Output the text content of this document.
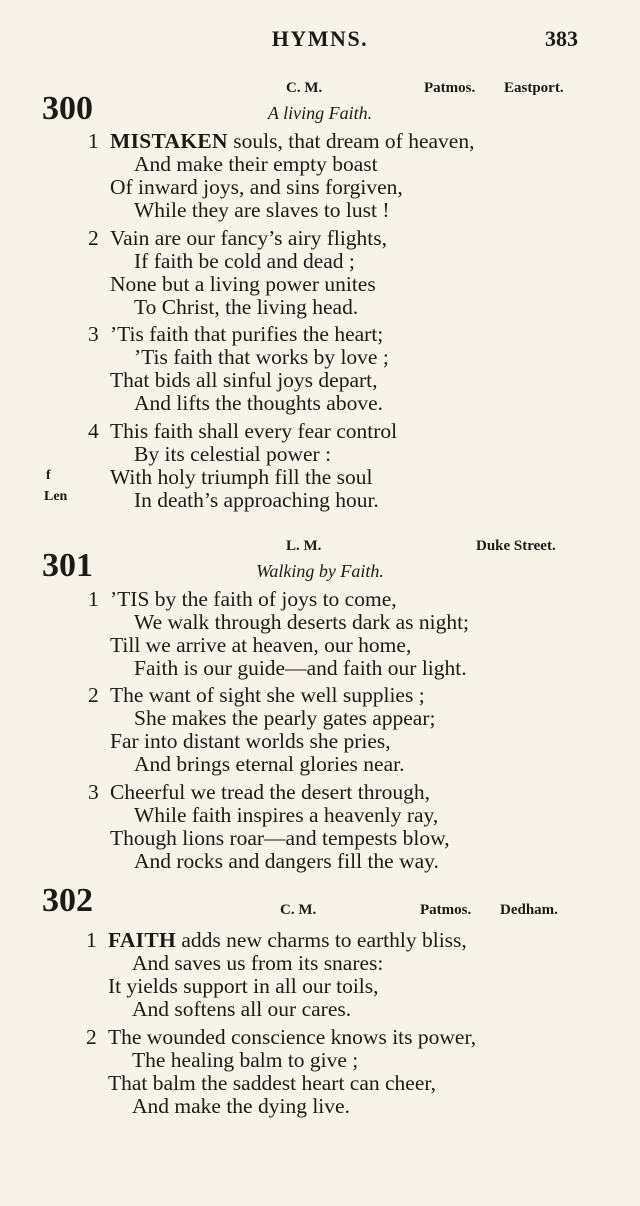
HYMNS.	383
300
C. M.	Patmos. Eastport.
A living Faith.
1 MISTAKEN souls, that dream of heaven,
And make their empty boast
Of inward joys, and sins forgiven,
While they are slaves to lust !
2 Vain are our fancy’s airy flights,
If faith be cold and dead ;
None but a living power unites
To Christ, the living head.
3 ’Tis faith that purifies the heart;
’Tis faith that works by love ;
That bids all sinful joys depart,
And lifts the thoughts above.
4 This faith shall every fear control
By its celestial power :
With holy triumph fill the soul
In death’s approaching hour.
f
Len
301
L. M.	Duke Street.
Walking by Faith.
1 ’TIS by the faith of joys to come,
We walk through deserts dark as night;
Till we arrive at heaven, our home,
Faith is our guide—and faith our light.
2 The want of sight she well supplies ;
She makes the pearly gates appear;
Far into distant worlds she pries,
And brings eternal glories near.
3 Cheerful we tread the desert through,
While faith inspires a heavenly ray,
Though lions roar—and tempests blow,
And rocks and dangers fill the way.
302	C. M.	Patmos. Dedham.
1 FAITH adds new charms to earthly bliss,
And saves us from its snares:
It yields support in all our toils,
And softens all our cares.
2 The wounded conscience knows its power,
The healing balm to give ;
That balm the saddest heart can cheer,
And make the dying live.
